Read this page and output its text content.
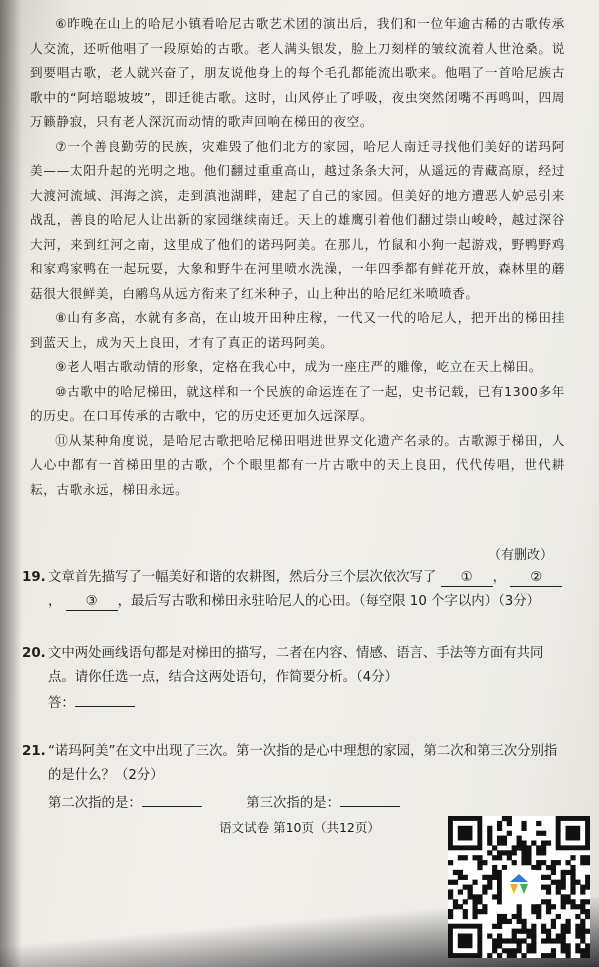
⑥昨晚在山上的哈尼小镇看哈尼古歌艺术团的演出后，我们和一位年逾古稀的古歌传承人交流，还听他唱了一段原始的古歌。老人满头银发，脸上刀刻样的皱纹流着人世沧桑。说到要唱古歌，老人就兴奋了，朋友说他身上的每个毛孔都能流出歌来。他唱了一首哈尼族古歌中的“阿培聪坡坡”，即迁徙古歌。这时，山风停止了呼吸，夜虫突然闭嘴不再鸣叫，四周万籁静寂，只有老人深沉而动情的歌声回响在梯田的夜空。

⑦一个善良勤劳的民族，灾难毁了他们北方的家园，哈尼人南迁寻找他们美好的诺玛阿美——太阳升起的光明之地。他们翻过重重高山，越过条条大河，从遥远的青藏高原，经过大渡河流域、洱海之滨，走到滇池湖畔，建起了自己的家园。但美好的地方遭恶人妒忌引来战乱，善良的哈尼人让出新的家园继续南迁。天上的雄鹰引着他们翻过崇山峻岭，越过深谷大河，来到红河之南，这里成了他们的诺玛阿美。在那儿，竹鼠和小狗一起游戏，野鸭野鸡和家鸡家鸭在一起玩耍，大象和野牛在河里喷水洗澡，一年四季都有鲜花开放，森林里的蘑菇很大很鲜美，白鹇鸟从远方衔来了红米种子，山上种出的哈尼红米喷喷香。

⑧山有多高，水就有多高，在山坡开田种庄稼，一代又一代的哈尼人，把开出的梯田挂到蓝天上，成为天上良田，才有了真正的诺玛阿美。

⑨老人唱古歌动情的形象，定格在我心中，成为一座庄严的雕像，屹立在天上梯田。

⑩古歌中的哈尼梯田，就这样和一个民族的命运连在了一起，史书记载，已有1300多年的历史。在口耳传承的古歌中，它的历史还更加久远深厚。

⑪从某种角度说，是哈尼古歌把哈尼梯田唱进世界文化遗产名录的。古歌源于梯田，人人心中都有一首梯田里的古歌，个个眼里都有一片古歌中的天上良田，代代传唱，世代耕耘，古歌永远，梯田永远。

（有删改）
19. 文章首先描写了一幅美好和谐的农耕图，然后分三个层次依次写了 ① ， ②， ③ ，最后写古歌和梯田永驻哈尼人的心田。（每空限 10 个字以内）（3分）
20. 文中两处画线语句都是对梯田的描写，二者在内容、情感、语言、手法等方面有共同点。请你任选一点，结合这两处语句，作简要分析。（4分）
答：
21. “诺玛阿美”在文中出现了三次。第一次指的是心中理想的家园，第二次和第三次分别指的是什么？（2分）
第二次指的是：	第三次指的是：
语文试卷 第10页（共12页）
